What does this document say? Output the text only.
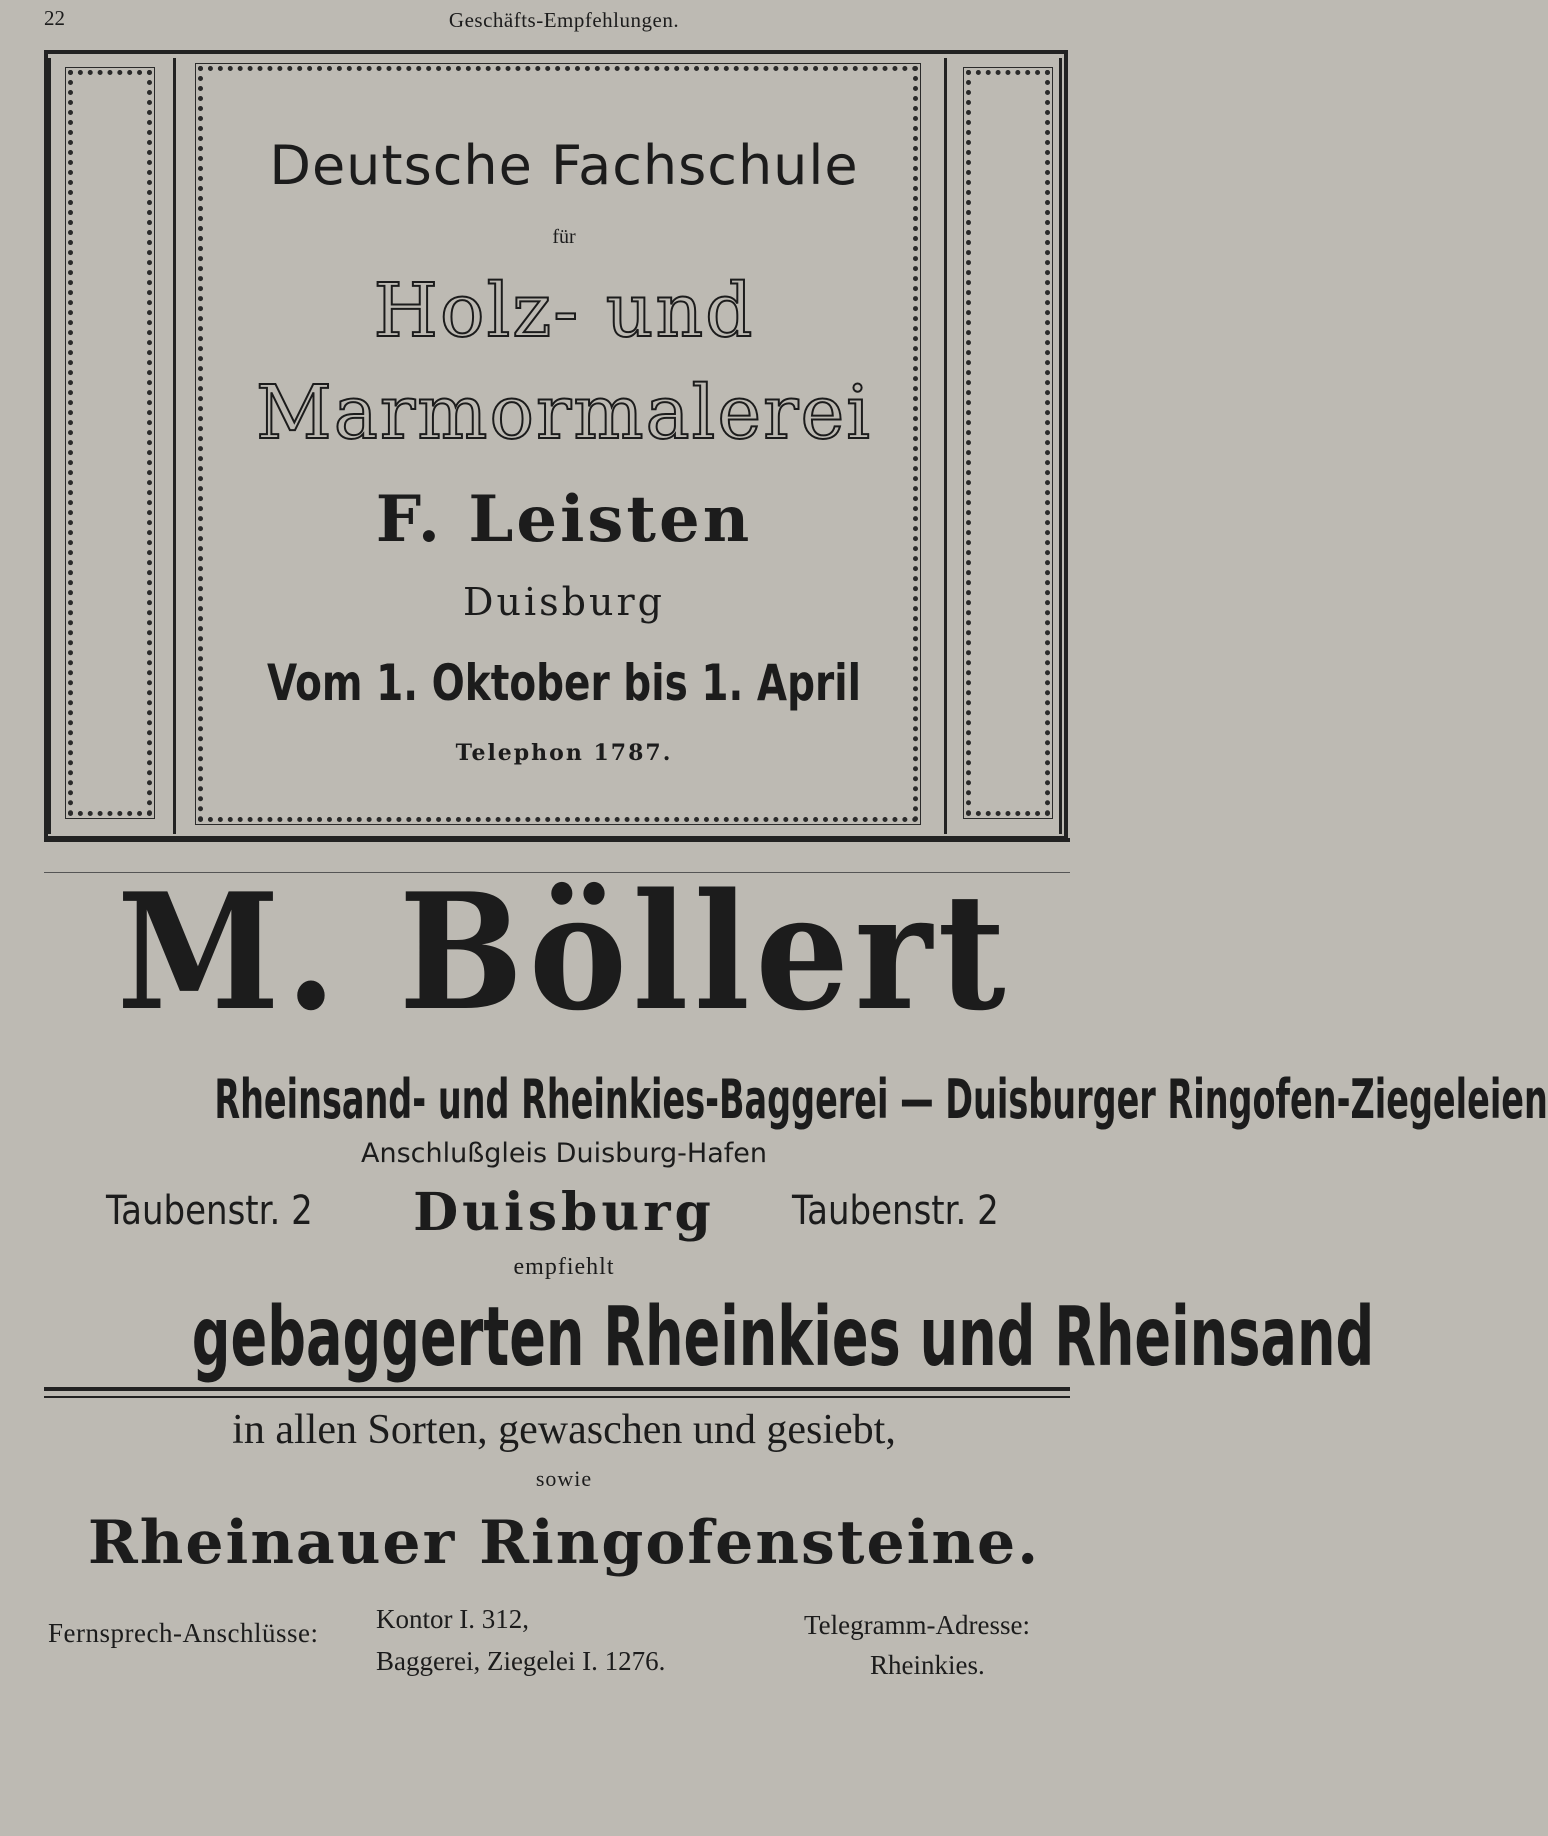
22	Geschäfts-Empfehlungen.
Deutsche Fachschule
für
Holz- und
Marmormalerei
F. Leisten
Duisburg
Vom 1. Oktober bis 1. April
Telephon 1787.
M. Böllert
Rheinsand- und Rheinkies-Baggerei — Duisburger Ringofen-Ziegeleien
Anschlußgleis Duisburg-Hafen
Taubenstr. 2	Duisburg	Taubenstr. 2
empfiehlt
gebaggerten Rheinkies und Rheinsand
in allen Sorten, gewaschen und gesiebt,
sowie
Rheinauer Ringofensteine.
Fernsprech-Anschlüsse: Kontor I. 312,
Baggerei, Ziegelei I. 1276.
Telegramm-Adresse:
Rheinkies.
